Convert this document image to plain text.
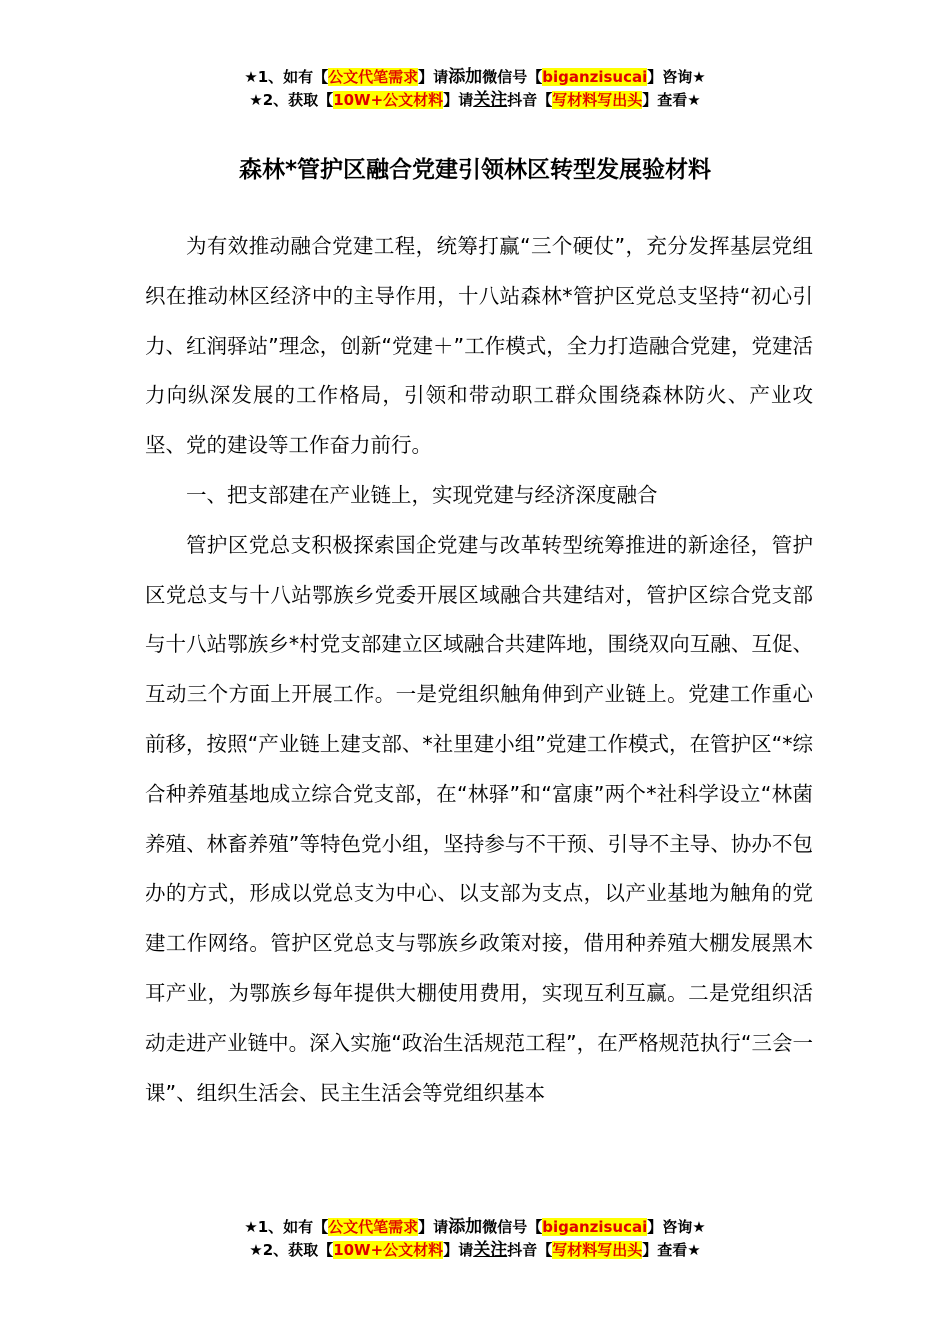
★1、如有【公文代笔需求】请添加微信号【biganzisucai】咨询★
★2、获取【10W+公文材料】请关注抖音【写材料写出头】查看★
森林*管护区融合党建引领林区转型发展验材料

为有效推动融合党建工程，统筹打赢“三个硬仗”，充分发挥基层党组织在推动林区经济中的主导作用，十八站森林*管护区党总支坚持“初心引力、红润驿站”理念，创新“党建＋”工作模式，全力打造融合党建，党建活力向纵深发展的工作格局，引领和带动职工群众围绕森林防火、产业攻坚、党的建设等工作奋力前行。

一、把支部建在产业链上，实现党建与经济深度融合

管护区党总支积极探索国企党建与改革转型统筹推进的新途径，管护区党总支与十八站鄂族乡党委开展区域融合共建结对，管护区综合党支部与十八站鄂族乡*村党支部建立区域融合共建阵地，围绕双向互融、互促、互动三个方面上开展工作。一是党组织触角伸到产业链上。党建工作重心前移，按照“产业链上建支部、*社里建小组”党建工作模式，在管护区“*综合种养殖基地成立综合党支部，在“林驿”和“富康”两个*社科学设立“林菌养殖、林畜养殖”等特色党小组，坚持参与不干预、引导不主导、协办不包办的方式，形成以党总支为中心、以支部为支点，以产业基地为触角的党建工作网络。管护区党总支与鄂族乡政策对接，借用种养殖大棚发展黑木耳产业，为鄂族乡每年提供大棚使用费用，实现互利互赢。二是党组织活动走进产业链中。深入实施“政治生活规范工程”，在严格规范执行“三会一课”、组织生活会、民主生活会等党组织基本

★1、如有【公文代笔需求】请添加微信号【biganzisucai】咨询★
★2、获取【10W+公文材料】请关注抖音【写材料写出头】查看★
